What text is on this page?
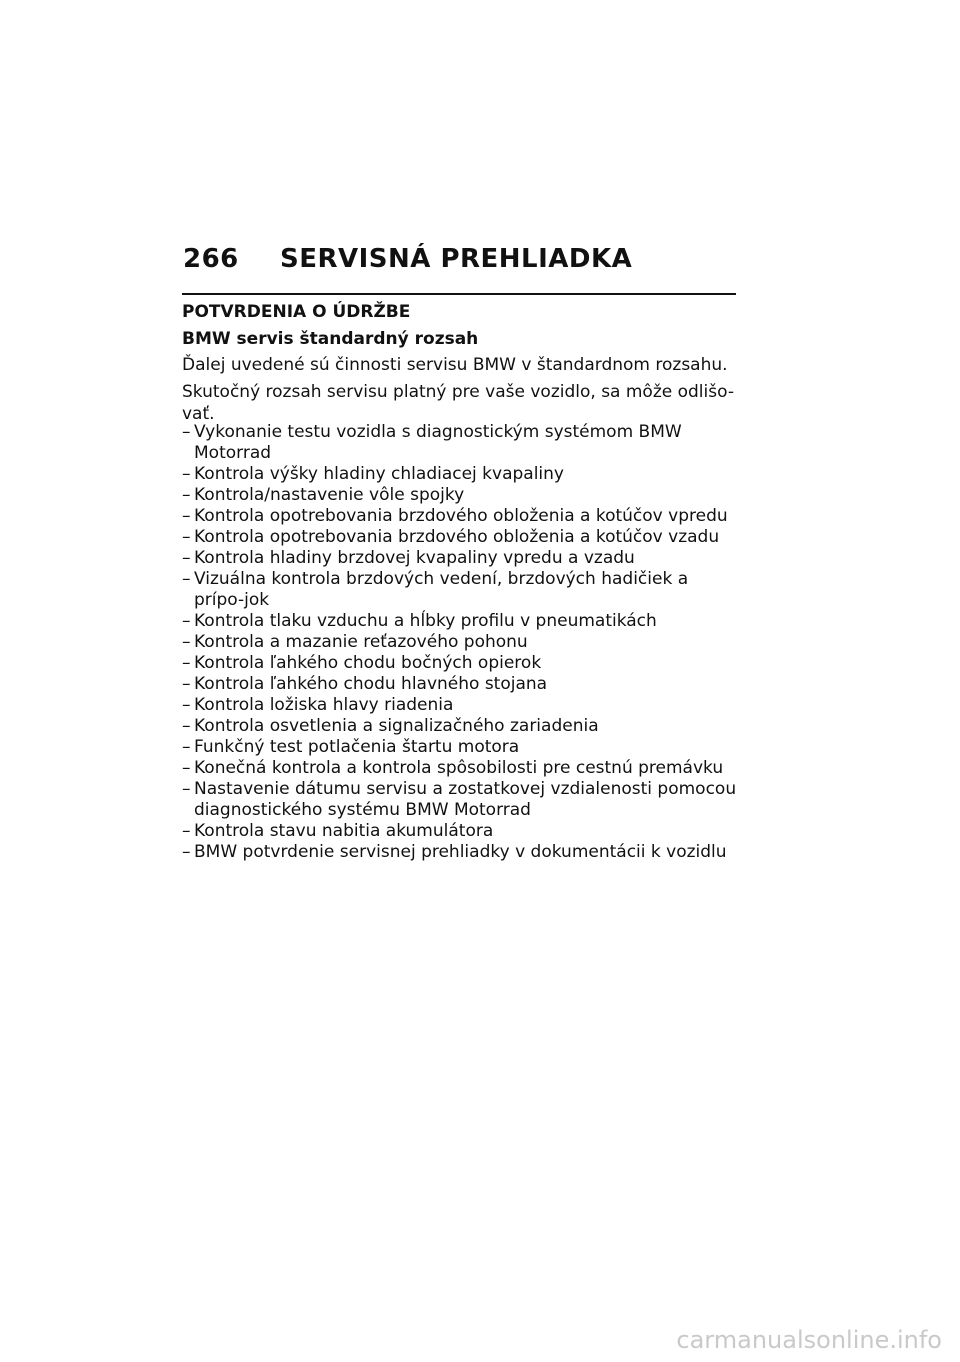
266	SERVISNÁ PREHLIADKA
POTVRDENIA O ÚDRŽBE
BMW servis štandardný rozsah

Ďalej uvedené sú činnosti servisu BMW v štandardnom rozsahu.

Skutočný rozsah servisu platný pre vaše vozidlo, sa môže odlišo-vať.

– Vykonanie testu vozidla s diagnostickým systémom BMW Motorrad
– Kontrola výšky hladiny chladiacej kvapaliny
– Kontrola/nastavenie vôle spojky
– Kontrola opotrebovania brzdového obloženia a kotúčov vpredu
– Kontrola opotrebovania brzdového obloženia a kotúčov vzadu
– Kontrola hladiny brzdovej kvapaliny vpredu a vzadu
– Vizuálna kontrola brzdových vedení, brzdových hadičiek a prípo-jok
– Kontrola tlaku vzduchu a hĺbky profilu v pneumatikách
– Kontrola a mazanie reťazového pohonu
– Kontrola ľahkého chodu bočných opierok
– Kontrola ľahkého chodu hlavného stojana
– Kontrola ložiska hlavy riadenia
– Kontrola osvetlenia a signalizačného zariadenia
– Funkčný test potlačenia štartu motora
– Konečná kontrola a kontrola spôsobilosti pre cestnú premávku
– Nastavenie dátumu servisu a zostatkovej vzdialenosti pomocou diagnostického systému BMW Motorrad
– Kontrola stavu nabitia akumulátora
– BMW potvrdenie servisnej prehliadky v dokumentácii k vozidlu
carmanualsonline.info
